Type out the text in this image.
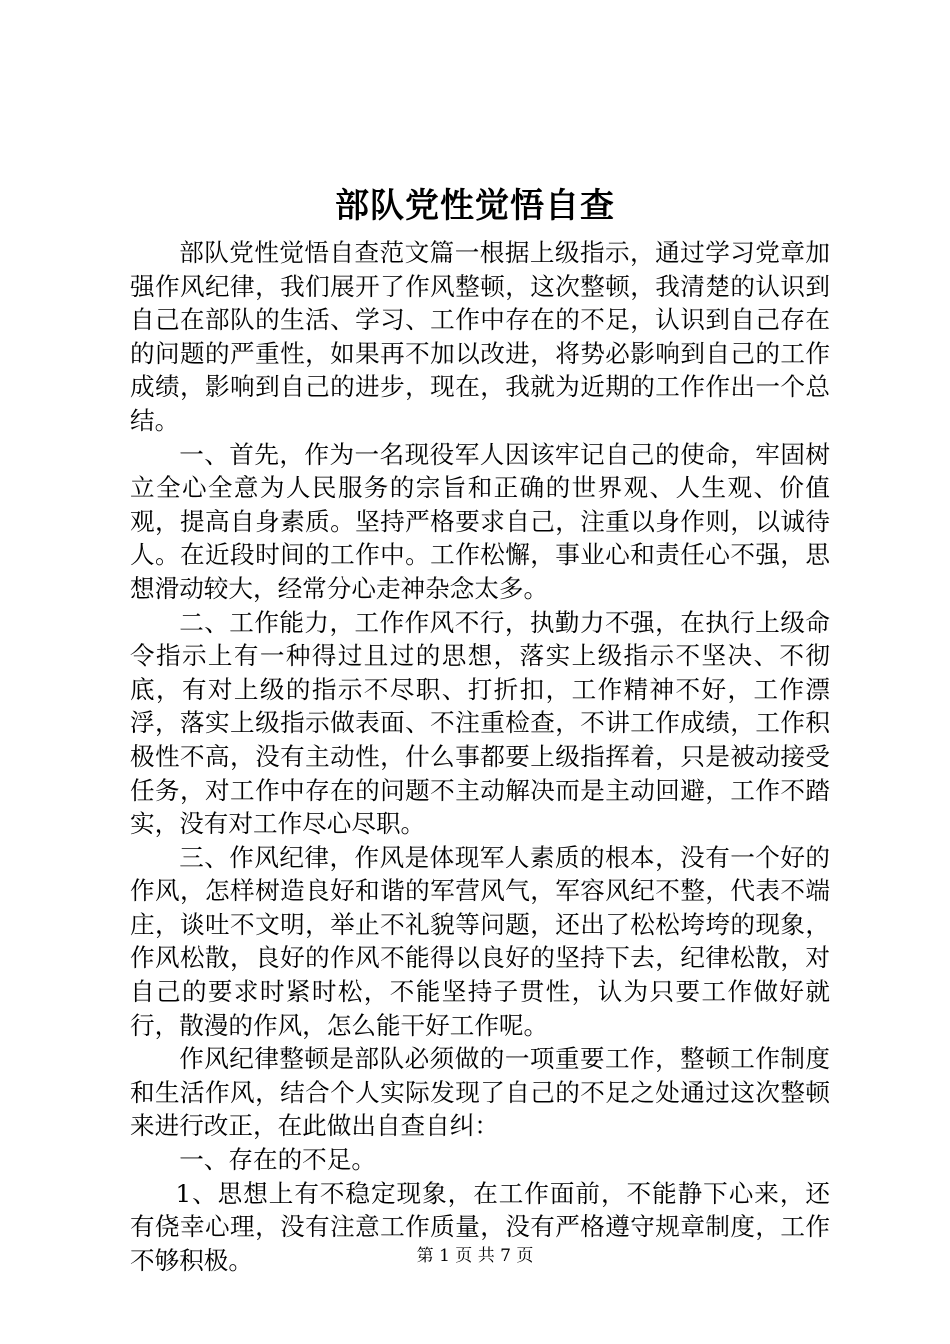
部队党性觉悟自查

部队党性觉悟自查范文篇一根据上级指示，通过学习党章加强作风纪律，我们展开了作风整顿，这次整顿，我清楚的认识到自己在部队的生活、学习、工作中存在的不足，认识到自己存在的问题的严重性，如果再不加以改进，将势必影响到自己的工作成绩，影响到自己的进步，现在，我就为近期的工作作出一个总结。

一、首先，作为一名现役军人因该牢记自己的使命，牢固树立全心全意为人民服务的宗旨和正确的世界观、人生观、价值观，提高自身素质。坚持严格要求自己，注重以身作则，以诚待人。在近段时间的工作中。工作松懈，事业心和责任心不强，思想滑动较大，经常分心走神杂念太多。

二、工作能力，工作作风不行，执勤力不强，在执行上级命令指示上有一种得过且过的思想，落实上级指示不坚决、不彻底，有对上级的指示不尽职、打折扣，工作精神不好，工作漂浮，落实上级指示做表面、不注重检查，不讲工作成绩，工作积极性不高，没有主动性，什么事都要上级指挥着，只是被动接受任务，对工作中存在的问题不主动解决而是主动回避，工作不踏实，没有对工作尽心尽职。

三、作风纪律，作风是体现军人素质的根本，没有一个好的作风，怎样树造良好和谐的军营风气，军容风纪不整，代表不端庄，谈吐不文明，举止不礼貌等问题，还出了松松垮垮的现象，作风松散，良好的作风不能得以良好的坚持下去，纪律松散，对自己的要求时紧时松，不能坚持子贯性，认为只要工作做好就行，散漫的作风，怎么能干好工作呢。

作风纪律整顿是部队必须做的一项重要工作，整顿工作制度和生活作风，结合个人实际发现了自己的不足之处通过这次整顿来进行改正，在此做出自查自纠：

一、存在的不足。

1、思想上有不稳定现象，在工作面前，不能静下心来，还有侥幸心理，没有注意工作质量，没有严格遵守规章制度，工作不够积极。	第 1 页 共 7 页
